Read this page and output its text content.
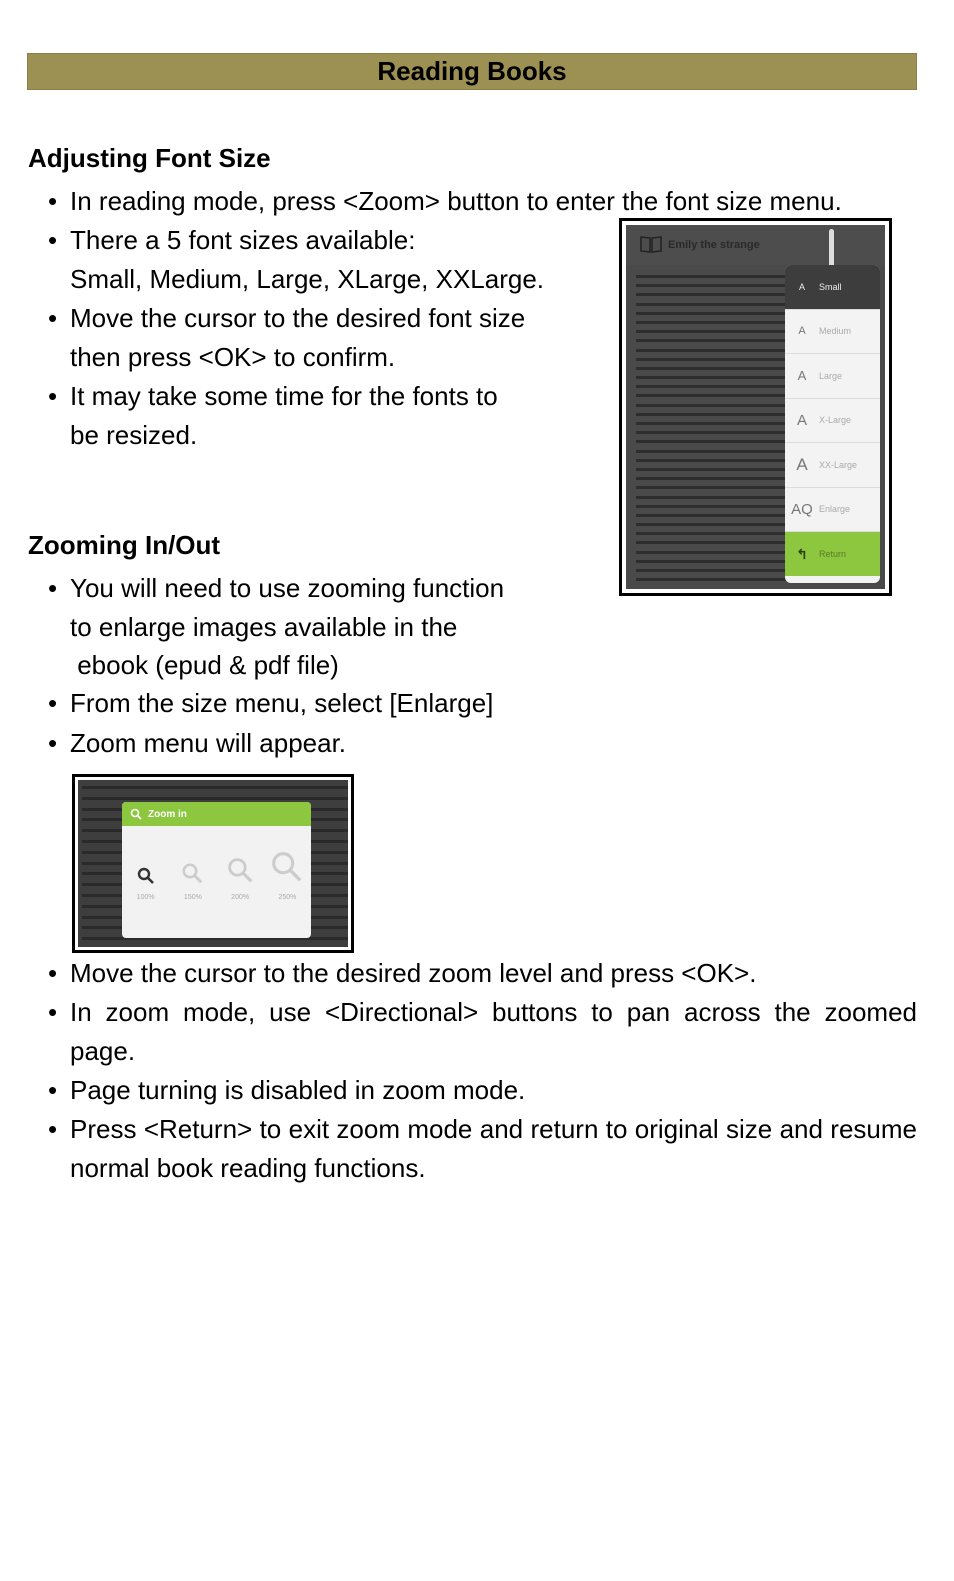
Reading Books
Adjusting Font Size
• In reading mode, press <Zoom> button to enter the font size menu.
• There a 5 font sizes available:
Small, Medium, Large, XLarge, XXLarge.
• Move the cursor to the desired font size
then press <OK> to confirm.
• It may take some time for the fonts to
be resized.
Emily the strange
A	Small
A	Medium
A	Large
A	X-Large
A	XX-Large
AQ Enlarge
↰	Return
Zooming In/Out
• You will need to use zooming function
to enlarge images available in the
ebook (epud & pdf file)
• From the size menu, select [Enlarge]
• Zoom menu will appear.
Zoom in
100%	150%	200%	250%
• Move the cursor to the desired zoom level and press <OK>.
• In zoom mode, use <Directional> buttons to pan across the zoomed page.
• Page turning is disabled in zoom mode.
• Press <Return> to exit zoom mode and return to original size and resume normal book reading functions.
